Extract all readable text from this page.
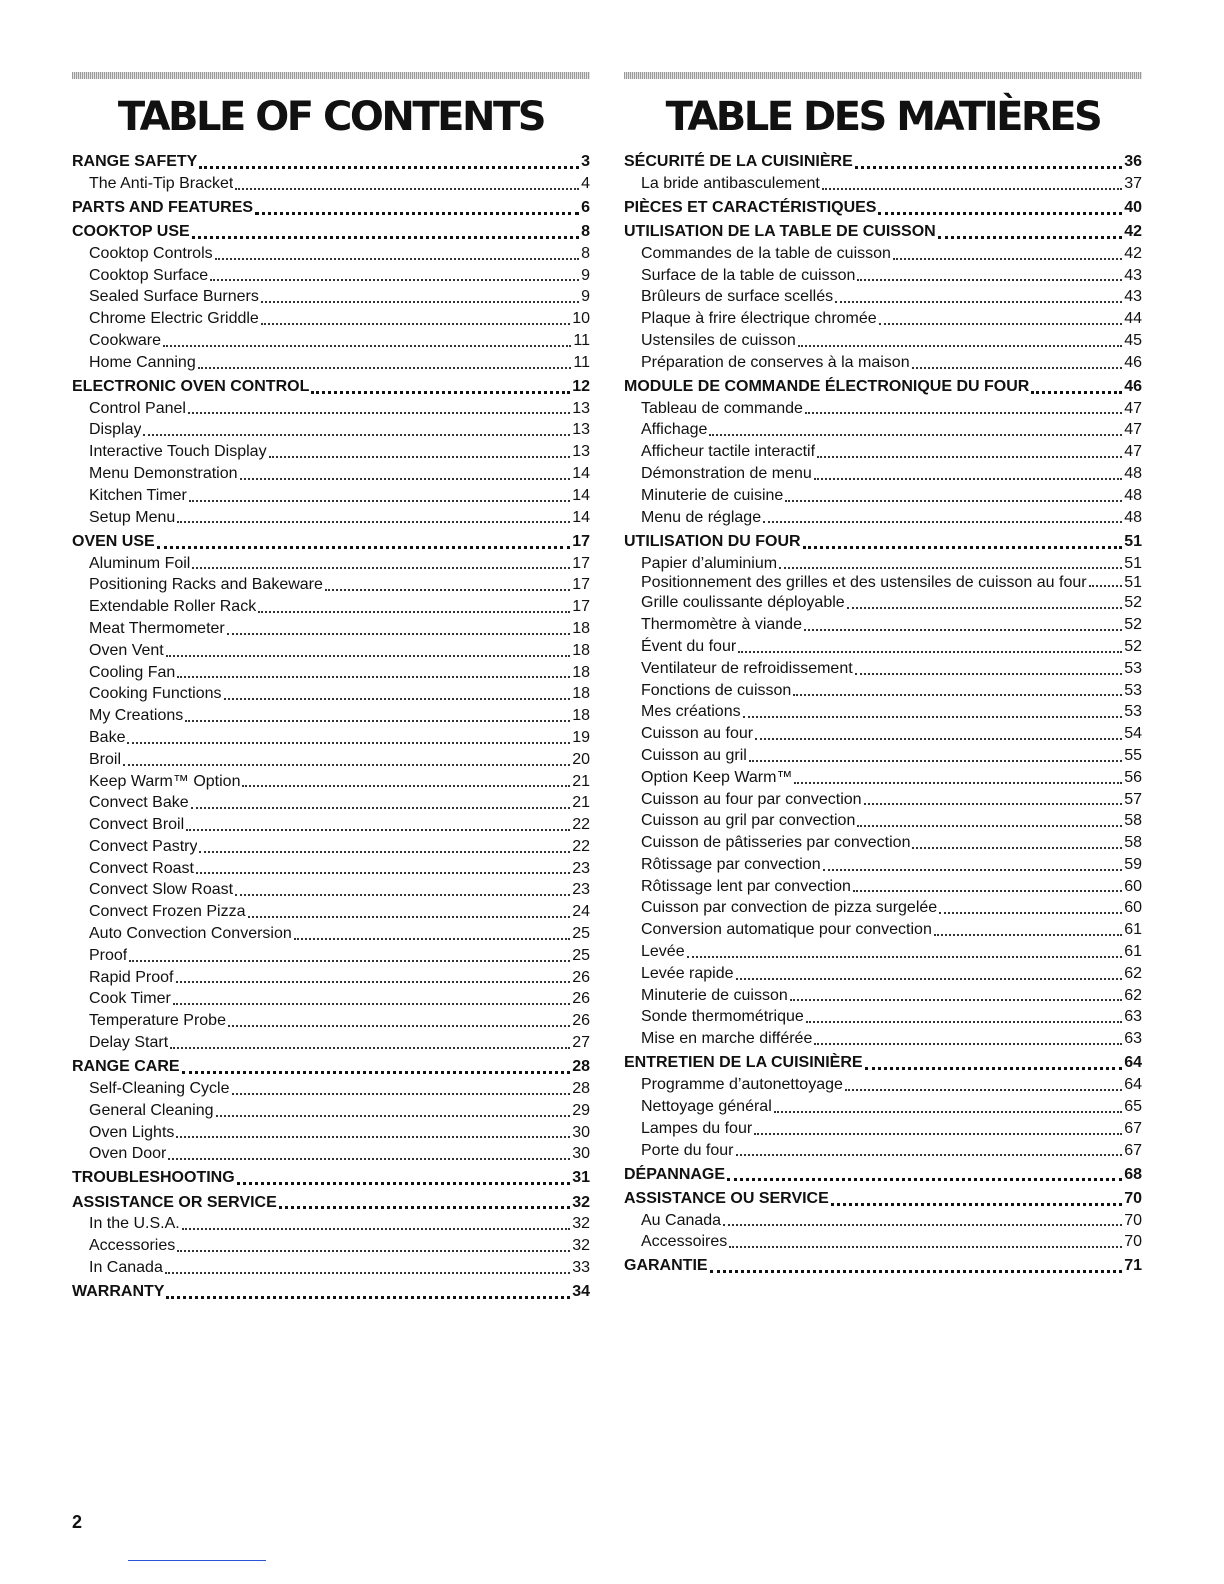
TABLE OF CONTENTS
RANGE SAFETY	3
The Anti-Tip Bracket	4
PARTS AND FEATURES	6
COOKTOP USE	8
Cooktop Controls	8
Cooktop Surface	9
Sealed Surface Burners	9
Chrome Electric Griddle	10
Cookware	11
Home Canning	11
ELECTRONIC OVEN CONTROL	12
Control Panel	13
Display	13
Interactive Touch Display	13
Menu Demonstration	14
Kitchen Timer	14
Setup Menu	14
OVEN USE	17
Aluminum Foil	17
Positioning Racks and Bakeware	17
Extendable Roller Rack	17
Meat Thermometer	18
Oven Vent	18
Cooling Fan	18
Cooking Functions	18
My Creations	18
Bake	19
Broil	20
Keep Warm™ Option	21
Convect Bake	21
Convect Broil	22
Convect Pastry	22
Convect Roast	23
Convect Slow Roast	23
Convect Frozen Pizza	24
Auto Convection Conversion	25
Proof	25
Rapid Proof	26
Cook Timer	26
Temperature Probe	26
Delay Start	27
RANGE CARE	28
Self-Cleaning Cycle	28
General Cleaning	29
Oven Lights	30
Oven Door	30
TROUBLESHOOTING	31
ASSISTANCE OR SERVICE	32
In the U.S.A.	32
Accessories	32
In Canada	33
WARRANTY	34
TABLE DES MATIÈRES
SÉCURITÉ DE LA CUISINIÈRE	36
La bride antibasculement	37
PIÈCES ET CARACTÉRISTIQUES	40
UTILISATION DE LA TABLE DE CUISSON	42
Commandes de la table de cuisson	42
Surface de la table de cuisson	43
Brûleurs de surface scellés	43
Plaque à frire électrique chromée	44
Ustensiles de cuisson	45
Préparation de conserves à la maison	46
MODULE DE COMMANDE ÉLECTRONIQUE DU FOUR	46
Tableau de commande	47
Affichage	47
Afficheur tactile interactif	47
Démonstration de menu	48
Minuterie de cuisine	48
Menu de réglage	48
UTILISATION DU FOUR	51
Papier d’aluminium	51
Positionnement des grilles et des ustensiles de cuisson au four 51
Grille coulissante déployable	52
Thermomètre à viande	52
Évent du four	52
Ventilateur de refroidissement	53
Fonctions de cuisson	53
Mes créations	53
Cuisson au four	54
Cuisson au gril	55
Option Keep Warm™	56
Cuisson au four par convection	57
Cuisson au gril par convection	58
Cuisson de pâtisseries par convection	58
Rôtissage par convection	59
Rôtissage lent par convection	60
Cuisson par convection de pizza surgelée	60
Conversion automatique pour convection	61
Levée	61
Levée rapide	62
Minuterie de cuisson	62
Sonde thermométrique	63
Mise en marche différée	63
ENTRETIEN DE LA CUISINIÈRE	64
Programme d’autonettoyage	64
Nettoyage général	65
Lampes du four	67
Porte du four	67
DÉPANNAGE	68
ASSISTANCE OU SERVICE	70
Au Canada	70
Accessoires	70
GARANTIE	71
2
